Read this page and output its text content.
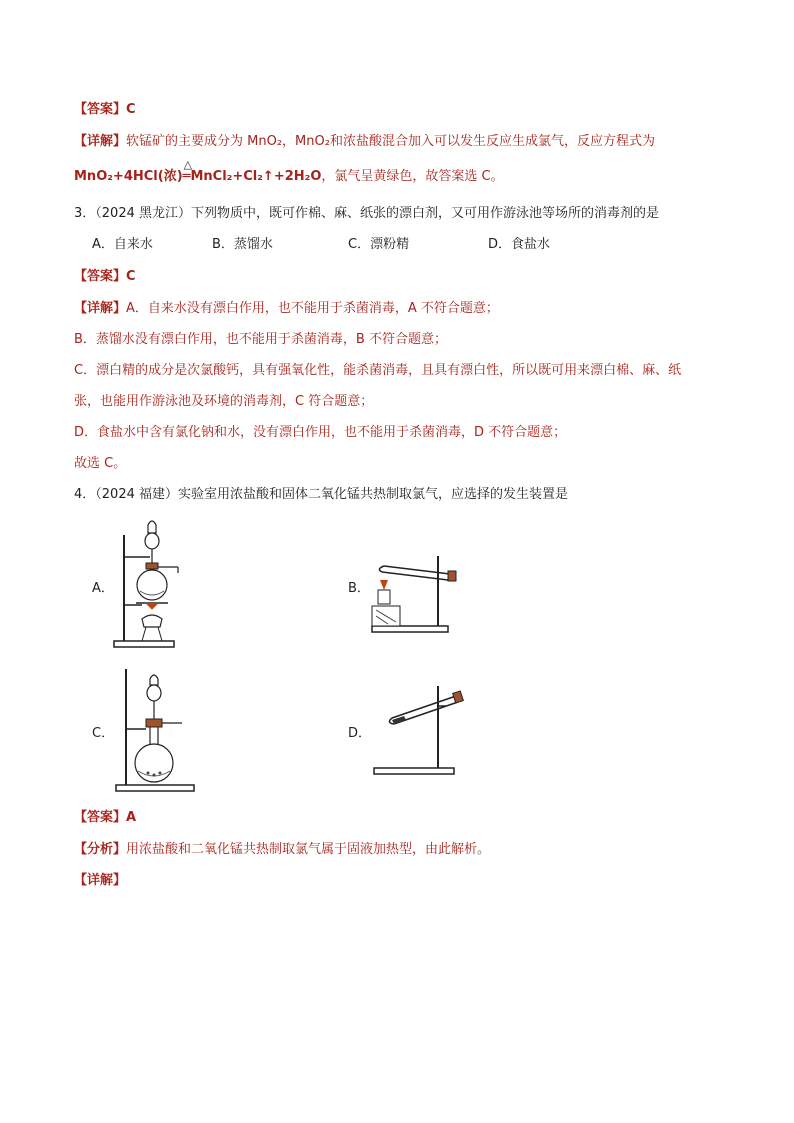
【答案】C
【详解】软锰矿的主要成分为 MnO₂，MnO₂和浓盐酸混合加入可以发生反应生成氯气，反应方程式为
MnO₂+4HCl(浓)
△
═MnCl₂+Cl₂↑+2H₂O，氯气呈黄绿色，故答案选 C。
3．（2024 黑龙江）下列物质中，既可作棉、麻、纸张的漂白剂，又可用作游泳池等场所的消毒剂的是
A．自来水	B．蒸馏水	C．漂粉精	D．食盐水
【答案】C
【详解】A．自来水没有漂白作用，也不能用于杀菌消毒，A 不符合题意；
B．蒸馏水没有漂白作用，也不能用于杀菌消毒，B 不符合题意；
C．漂白精的成分是次氯酸钙，具有强氧化性，能杀菌消毒，且具有漂白性，所以既可用来漂白棉、麻、纸
张，也能用作游泳池及环境的消毒剂，C 符合题意；
D．食盐水中含有氯化钠和水，没有漂白作用，也不能用于杀菌消毒，D 不符合题意；
故选 C。
4．（2024 福建）实验室用浓盐酸和固体二氧化锰共热制取氯气，应选择的发生装置是
A．	B．
C．	D．
【答案】A
【分析】用浓盐酸和二氧化锰共热制取氯气属于固液加热型，由此解析。
【详解】
